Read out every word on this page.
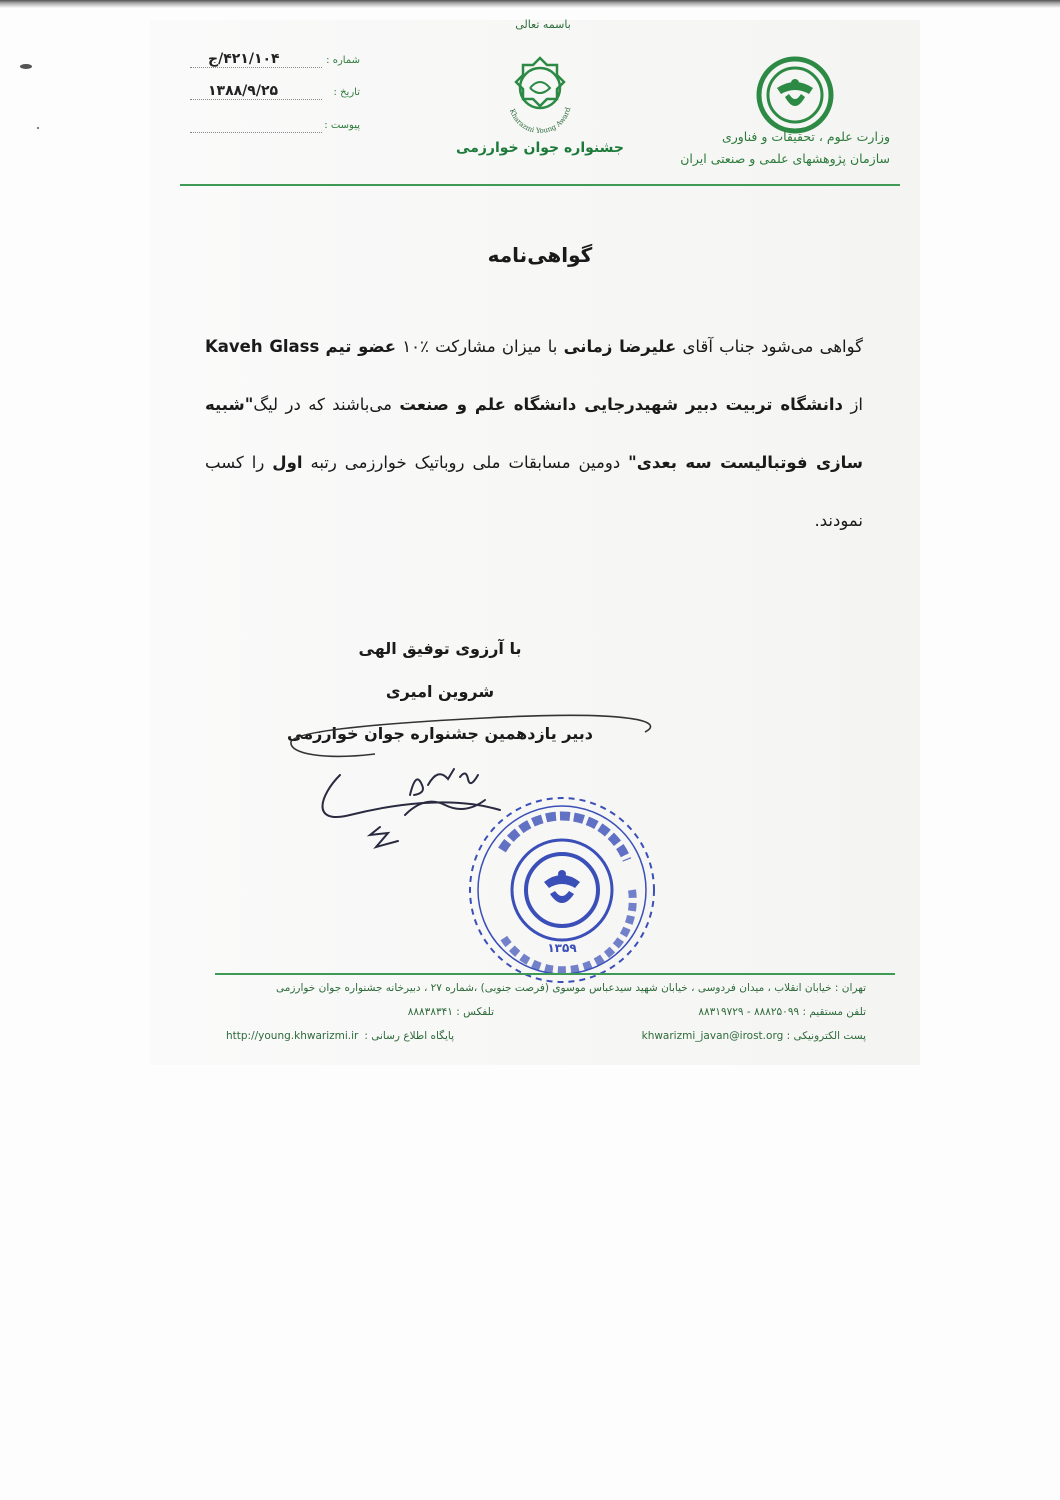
باسمه تعالی
شماره :
۴۲۱/۱۰۴/ج
تاریخ :
۱۳۸۸/۹/۲۵
پیوست :
Kharazmi Young Award
جشنواره جوان خوارزمی
وزارت علوم ، تحقیقات و فناوری
سازمان پژوهشهای علمی و صنعتی ایران
گواهی‌نامه
گواهی می‌شود جناب آقای علیرضا زمانی با میزان مشارکت ٪۱۰ عضو تیم Kaveh Glass از دانشگاه تربیت دبیر شهیدرجایی دانشگاه علم و صنعت می‌باشند که در لیگ"شبیه سازی فوتبالیست سه بعدی" دومین مسابقات ملی روباتیک خوارزمی رتبه اول را کسب نمودند.
با آرزوی توفیق الهی
شروین امیری
دبیر یازدهمین جشنواره جوان خوارزمی
۱۳۵۹
تهران : خیابان انقلاب ، میدان فردوسی ، خیابان شهید سیدعباس موسوی (فرصت جنوبی) ،شماره ۲۷ ، دبیرخانه جشنواره جوان خوارزمی
تلفن مستقیم : ۸۸۸۲۵۰۹۹ - ۸۸۳۱۹۷۲۹
تلفکس : ۸۸۸۳۸۳۴۱
پست الکترونیکی : khwarizmi_javan@irost.org
پایگاه اطلاع رسانی :
http://young.khwarizmi.ir
